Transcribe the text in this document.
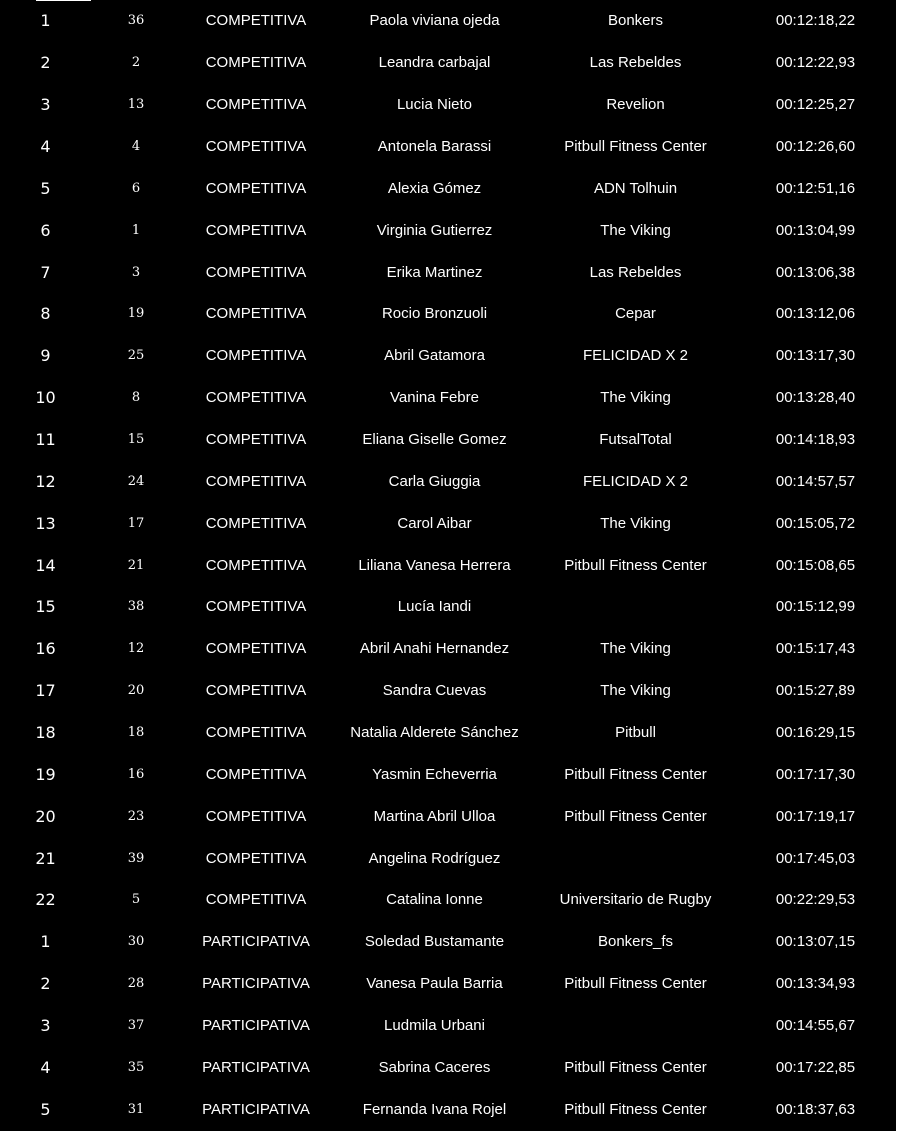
1	36	COMPETITIVA	Paola viviana ojeda	Bonkers	00:12:18,22
2	2	COMPETITIVA	Leandra carbajal	Las Rebeldes	00:12:22,93
3	13	COMPETITIVA	Lucia Nieto	Revelion	00:12:25,27
4	4	COMPETITIVA	Antonela Barassi	Pitbull Fitness Center	00:12:26,60
5	6	COMPETITIVA	Alexia Gómez	ADN Tolhuin	00:12:51,16
6	1	COMPETITIVA	Virginia Gutierrez	The Viking	00:13:04,99
7	3	COMPETITIVA	Erika Martinez	Las Rebeldes	00:13:06,38
8	19	COMPETITIVA	Rocio Bronzuoli	Cepar	00:13:12,06
9	25	COMPETITIVA	Abril Gatamora	FELICIDAD X 2	00:13:17,30
10	8	COMPETITIVA	Vanina Febre	The Viking	00:13:28,40
11	15	COMPETITIVA	Eliana Giselle Gomez	FutsalTotal	00:14:18,93
12	24	COMPETITIVA	Carla Giuggia	FELICIDAD X 2	00:14:57,57
13	17	COMPETITIVA	Carol Aibar	The Viking	00:15:05,72
14	21	COMPETITIVA	Liliana Vanesa Herrera	Pitbull Fitness Center	00:15:08,65
15	38	COMPETITIVA	Lucía Iandi		00:15:12,99
16	12	COMPETITIVA	Abril Anahi Hernandez	The Viking	00:15:17,43
17	20	COMPETITIVA	Sandra Cuevas	The Viking	00:15:27,89
18	18	COMPETITIVA	Natalia Alderete Sánchez	Pitbull	00:16:29,15
19	16	COMPETITIVA	Yasmin Echeverria	Pitbull Fitness Center	00:17:17,30
20	23	COMPETITIVA	Martina Abril Ulloa	Pitbull Fitness Center	00:17:19,17
21	39	COMPETITIVA	Angelina Rodríguez		00:17:45,03
22	5	COMPETITIVA	Catalina Ionne	Universitario de Rugby	00:22:29,53
1	30	PARTICIPATIVA	Soledad Bustamante	Bonkers_fs	00:13:07,15
2	28	PARTICIPATIVA	Vanesa Paula Barria	Pitbull Fitness Center	00:13:34,93
3	37	PARTICIPATIVA	Ludmila Urbani		00:14:55,67
4	35	PARTICIPATIVA	Sabrina Caceres	Pitbull Fitness Center	00:17:22,85
5	31	PARTICIPATIVA	Fernanda Ivana Rojel	Pitbull Fitness Center	00:18:37,63
